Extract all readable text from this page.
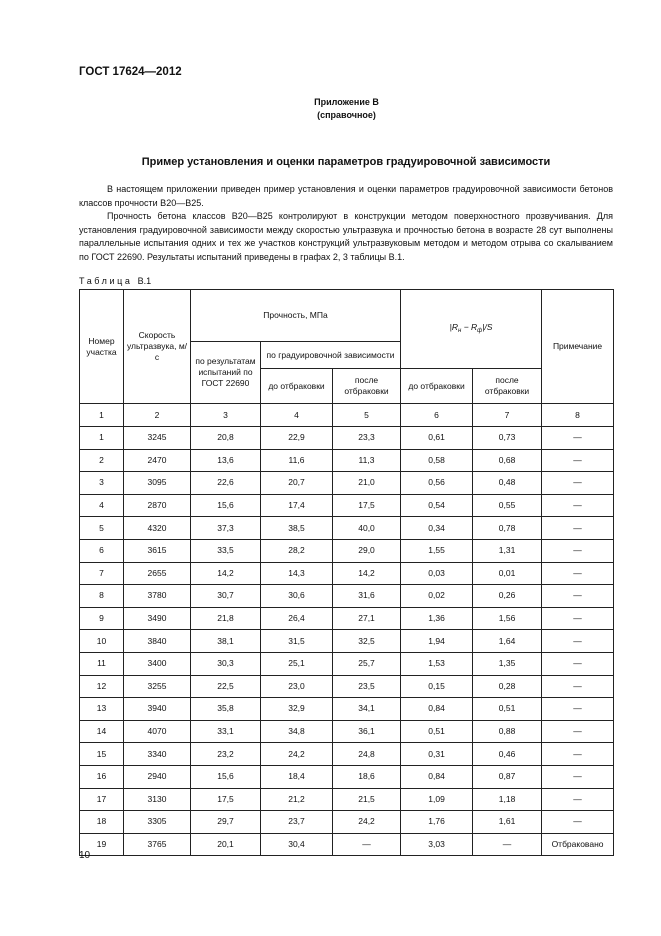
ГОСТ 17624—2012
Приложение В
(справочное)
Пример установления и оценки параметров градуировочной зависимости

В настоящем приложении приведен пример установления и оценки параметров градуировочной зависимости бетонов классов прочности В20—В25.

Прочность бетона классов В20—В25 контролируют в конструкции методом поверхностного прозвучивания. Для установления градуировочной зависимости между скоростью ультразвука и прочностью бетона в возрасте 28 сут выполнены параллельные испытания одних и тех же участков конструкций ультразвуковым методом и методом отрыва со скалыванием по ГОСТ 22690. Результаты испытаний приведены в графах 2, 3 таблицы В.1.

Таблица В.1
Номер участка	Скорость ультразвука, м/с	Прочность, МПа			$|R_н - R_ф|/S$		Примечание
		по результатам испытаний по ГОСТ 22690	по градуировочной зависимости				
			до отбраковки	после отбраковки	до отбраковки	после отбраковки	
1	2	3	4	5	6	7	8
1	3245	20,8	22,9	23,3	0,61	0,73	—
2	2470	13,6	11,6	11,3	0,58	0,68	—
3	3095	22,6	20,7	21,0	0,56	0,48	—
4	2870	15,6	17,4	17,5	0,54	0,55	—
5	4320	37,3	38,5	40,0	0,34	0,78	—
6	3615	33,5	28,2	29,0	1,55	1,31	—
7	2655	14,2	14,3	14,2	0,03	0,01	—
8	3780	30,7	30,6	31,6	0,02	0,26	—
9	3490	21,8	26,4	27,1	1,36	1,56	—
10	3840	38,1	31,5	32,5	1,94	1,64	—
11	3400	30,3	25,1	25,7	1,53	1,35	—
12	3255	22,5	23,0	23,5	0,15	0,28	—
13	3940	35,8	32,9	34,1	0,84	0,51	—
14	4070	33,1	34,8	36,1	0,51	0,88	—
15	3340	23,2	24,2	24,8	0,31	0,46	—
16	2940	15,6	18,4	18,6	0,84	0,87	—
17	3130	17,5	21,2	21,5	1,09	1,18	—
18	3305	29,7	23,7	24,2	1,76	1,61	—
19	3765	20,1	30,4	—	3,03	—	Отбраковано
10
